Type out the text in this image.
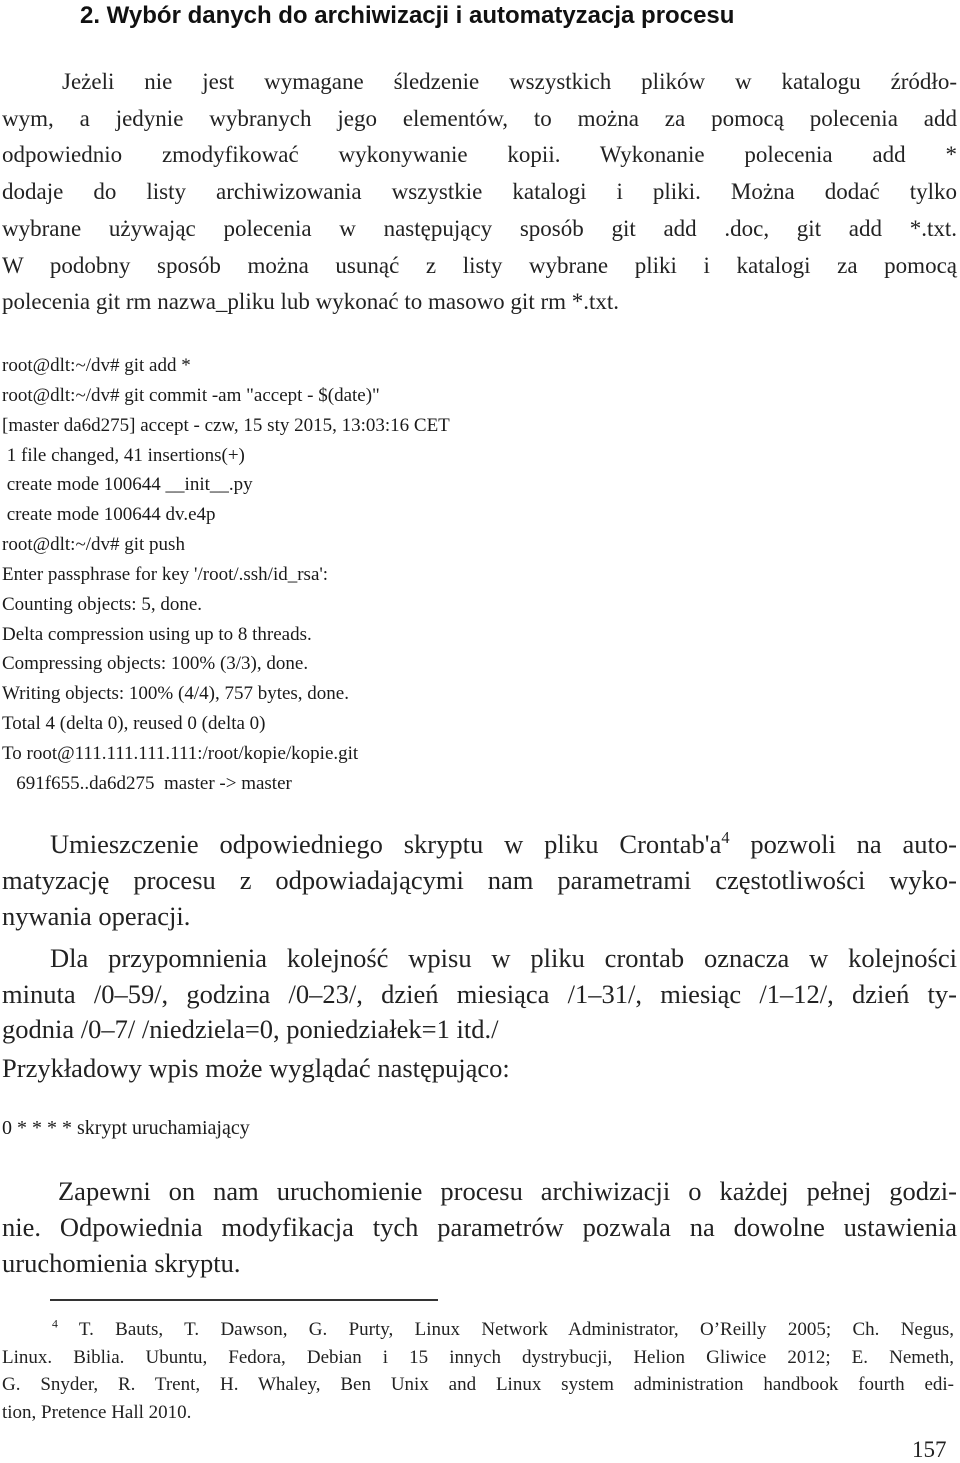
2. Wybór danych do archiwizacji i automatyzacja procesu
Jeżeli nie jest wymagane śledzenie wszystkich plików w katalogu źródło-
wym, a jedynie wybranych jego elementów, to można za pomocą polecenia add
odpowiednio zmodyfikować wykonywanie kopii. Wykonanie polecenia add *
dodaje do listy archiwizowania wszystkie katalogi i pliki. Można dodać tylko
wybrane używając polecenia w następujący sposób git add .doc, git add *.txt.
W podobny sposób można usunąć z listy wybrane pliki i katalogi za pomocą
polecenia git rm nazwa_pliku lub wykonać to masowo git rm *.txt.
root@dlt:~/dv# git add *
root@dlt:~/dv# git commit -am "accept - $(date)"
[master da6d275] accept - czw, 15 sty 2015, 13:03:16 CET
1 file changed, 41 insertions(+)
create mode 100644 __init__.py
create mode 100644 dv.e4p
root@dlt:~/dv# git push
Enter passphrase for key '/root/.ssh/id_rsa':
Counting objects: 5, done.
Delta compression using up to 8 threads.
Compressing objects: 100% (3/3), done.
Writing objects: 100% (4/4), 757 bytes, done.
Total 4 (delta 0), reused 0 (delta 0)
To root@111.111.111.111:/root/kopie/kopie.git
691f655..da6d275  master -> master
Umieszczenie odpowiedniego skryptu w pliku $Crontab'a^4$ pozwoli na auto-
matyzację procesu z odpowiadającymi nam parametrami częstotliwości wyko-
nywania operacji.
Dla przypomnienia kolejność wpisu w pliku crontab oznacza w kolejności
minuta /0–59/, godzina /0–23/, dzień miesiąca /1–31/, miesiąc /1–12/, dzień ty-
godnia /0–7/ /niedziela=0, poniedziałek=1 itd./
Przykładowy wpis może wyglądać następująco:
0 * * * * skrypt uruchamiający
Zapewni on nam uruchomienie procesu archiwizacji o każdej pełnej godzi-
nie. Odpowiednia modyfikacja tych parametrów pozwala na dowolne ustawienia
uruchomienia skryptu.
$^4$ T. Bauts, T. Dawson, G. Purty, Linux Network Administrator, O’Reilly 2005; Ch. Negus,
Linux. Biblia. Ubuntu, Fedora, Debian i 15 innych dystrybucji, Helion Gliwice 2012; E. Nemeth,
G. Snyder, R. Trent, H. Whaley, Ben Unix and Linux system administration handbook fourth edi-
tion, Pretence Hall 2010.
157
